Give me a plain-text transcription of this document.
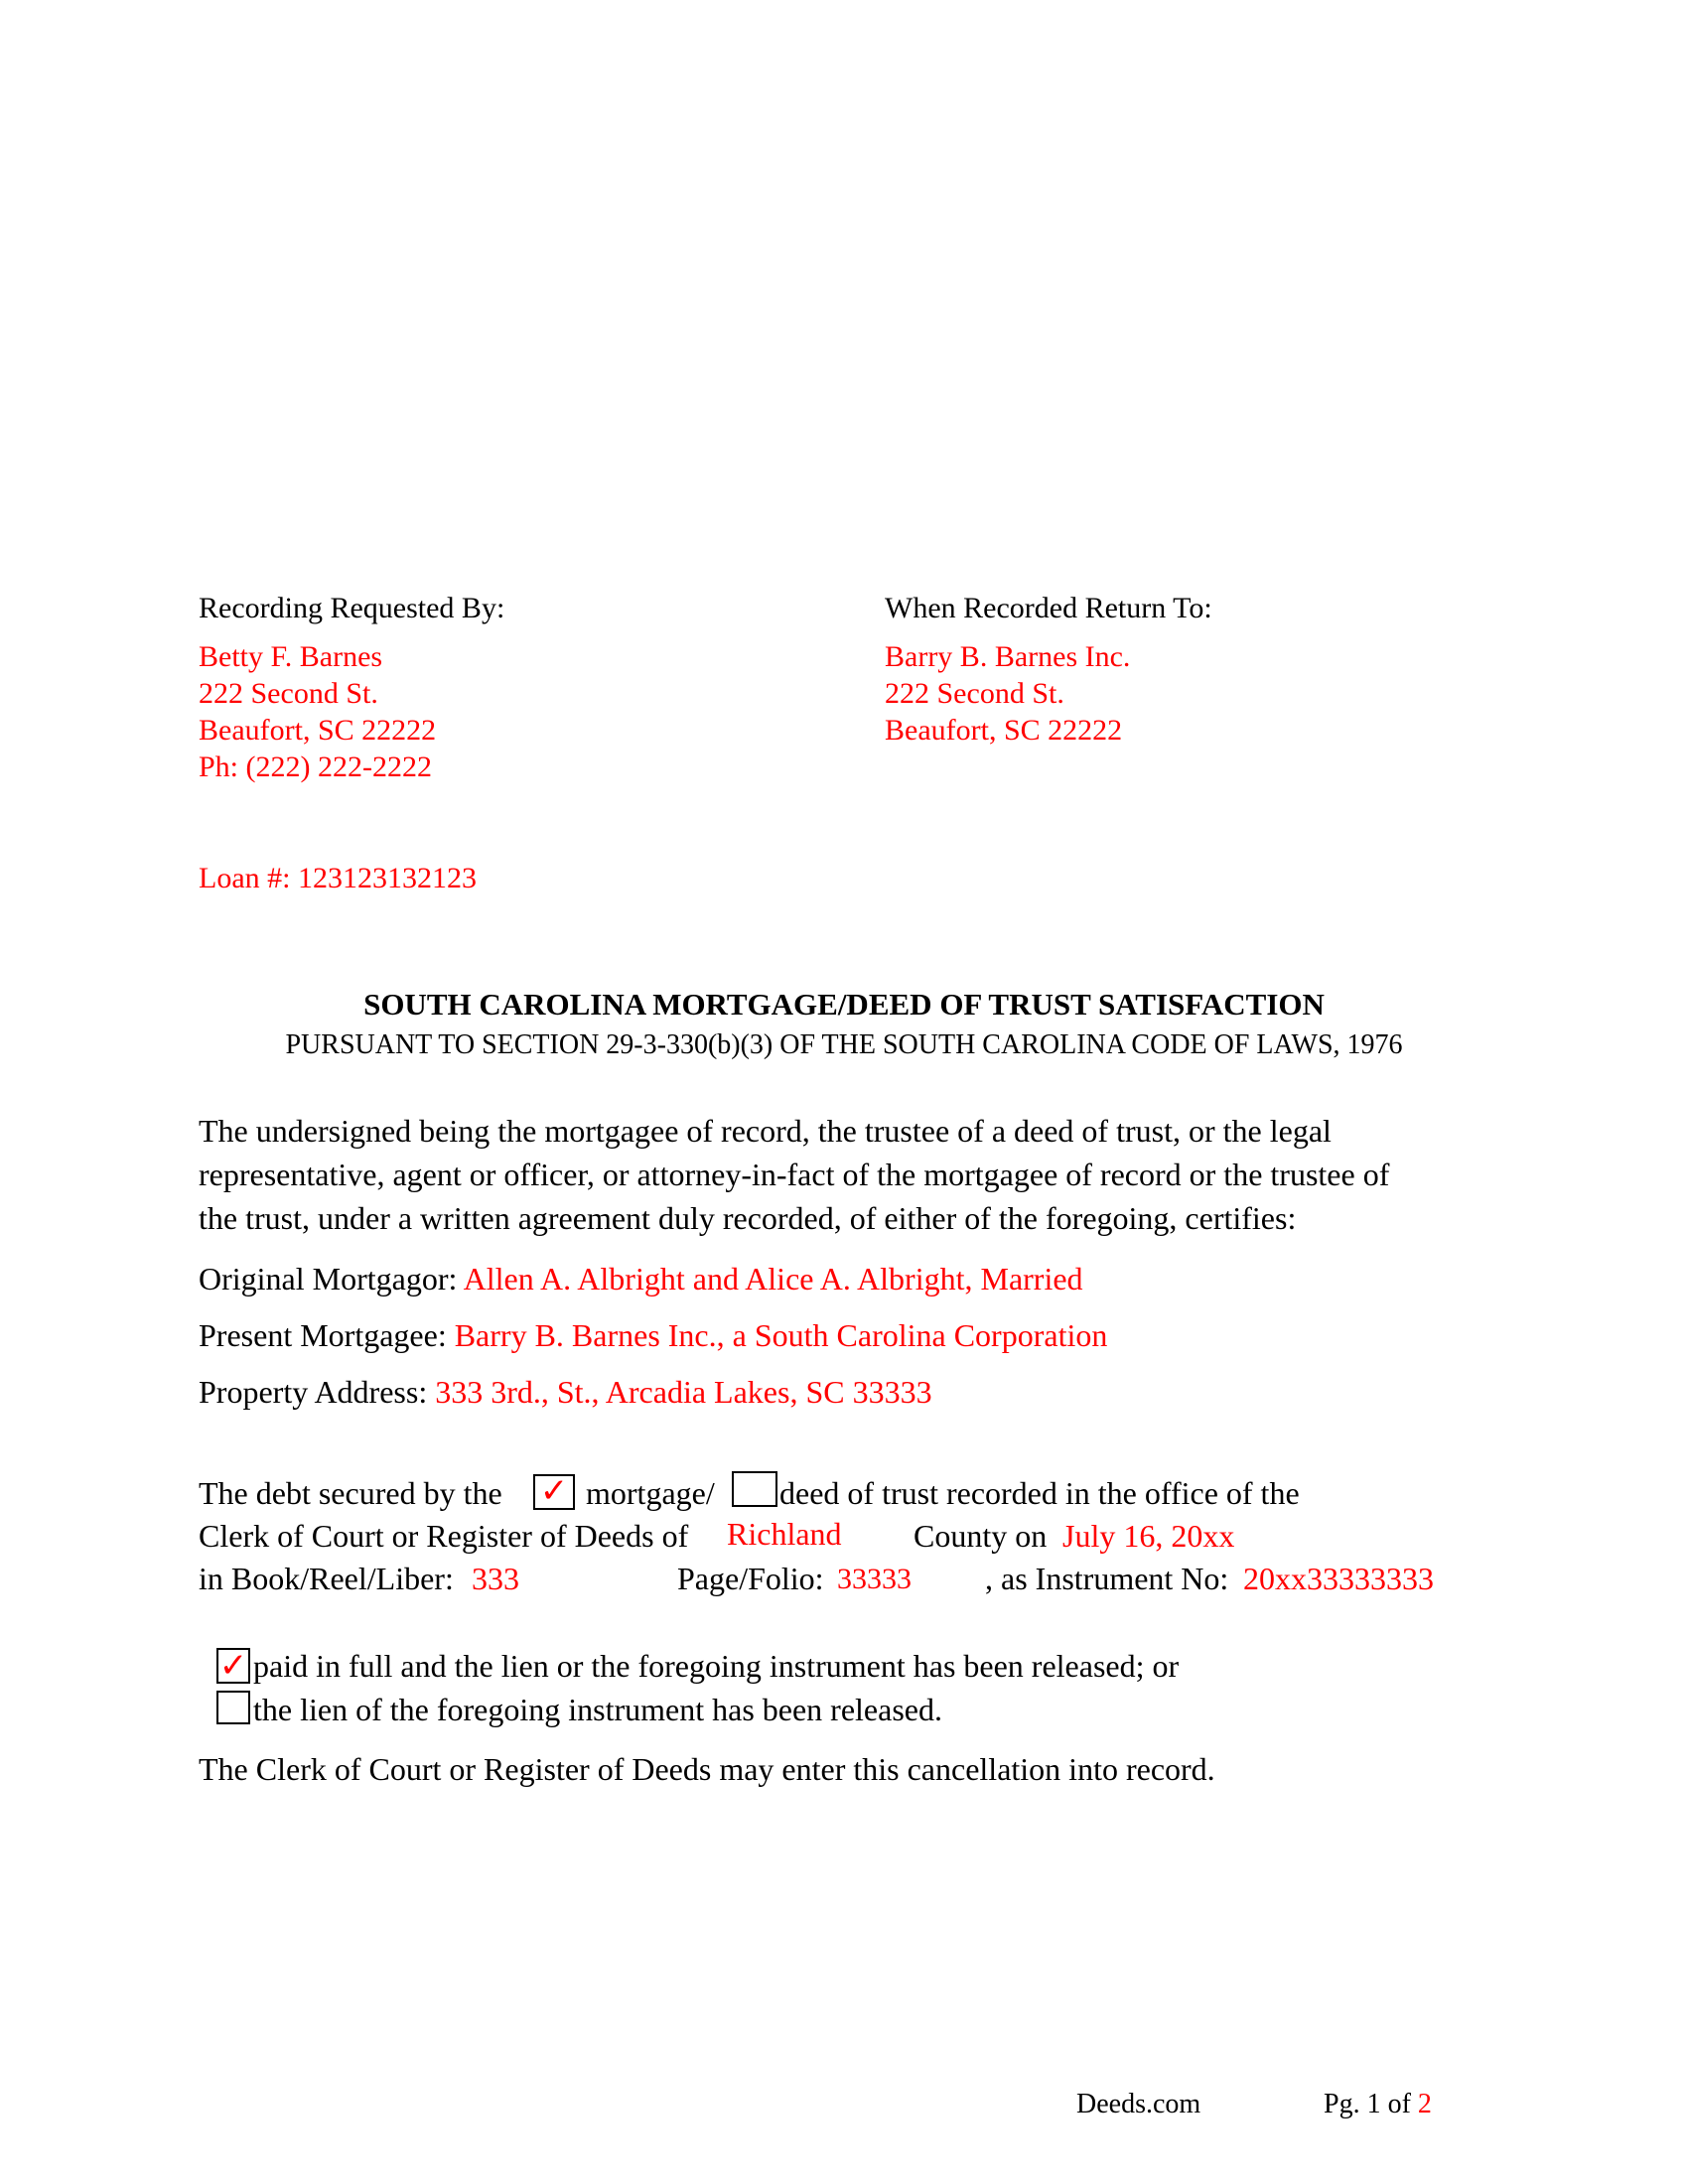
Recording Requested By:
Betty F. Barnes
222 Second St.
Beaufort, SC 22222
Ph: (222) 222-2222
When Recorded Return To:
Barry B. Barnes Inc.
222 Second St.
Beaufort, SC 22222
Loan #: 123123132123
SOUTH CAROLINA MORTGAGE/DEED OF TRUST SATISFACTION
PURSUANT TO SECTION 29-3-330(b)(3) OF THE SOUTH CAROLINA CODE OF LAWS, 1976
The undersigned being the mortgagee of record, the trustee of a deed of trust, or the legal
representative, agent or officer, or attorney-in-fact of the mortgagee of record or the trustee of
the trust, under a written agreement duly recorded, of either of the foregoing, certifies:
Original Mortgagor: Allen A. Albright and Alice A. Albright, Married
Present Mortgagee: Barry B. Barnes Inc., a South Carolina Corporation
Property Address: 333 3rd., St., Arcadia Lakes, SC 33333
The debt secured by the ✓ mortgage/ deed of trust recorded in the office of the
Clerk of Court or Register of Deeds of Richland County on July 16, 20xx
in Book/Reel/Liber: 333	Page/Folio: 33333 , as Instrument No: 20xx33333333
✓ paid in full and the lien or the foregoing instrument has been released; or
the lien of the foregoing instrument has been released.
The Clerk of Court or Register of Deeds may enter this cancellation into record.
Deeds.com	Pg. 1 of 2
